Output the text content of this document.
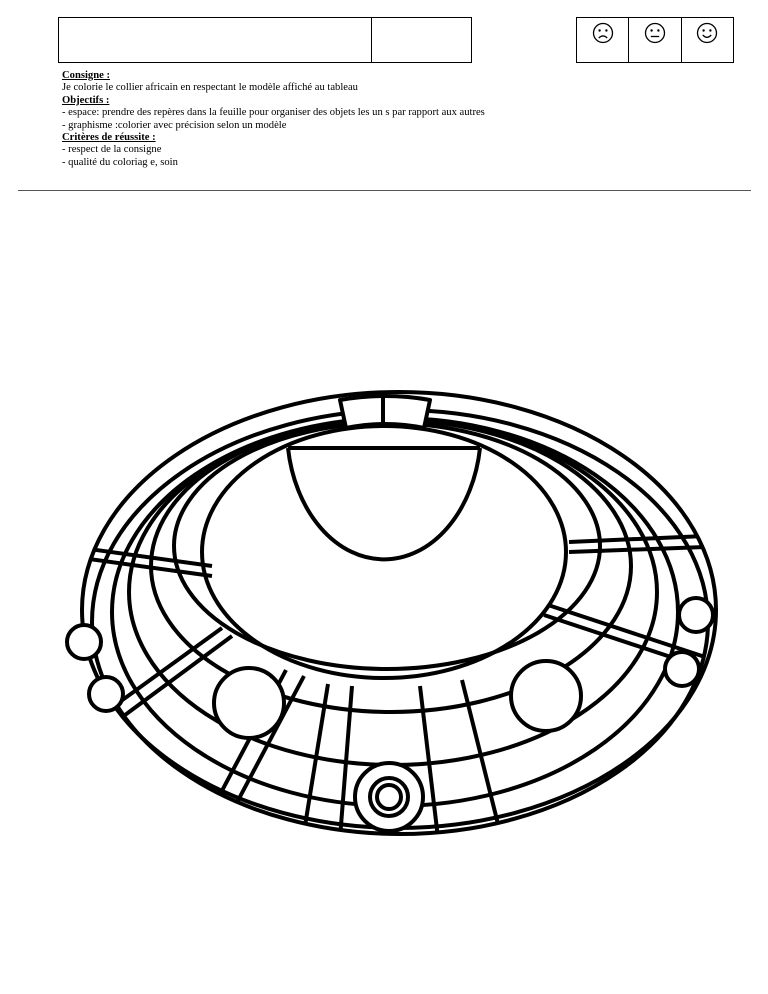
Consigne :
Je colorie le collier africain en respectant le modèle affiché au tableau
Objectifs :
- espace: prendre des repères dans la feuille pour organiser des objets les un s par rapport aux autres
- graphisme :colorier avec précision selon un modèle
Critères de réussite :
- respect de la consigne
- qualité du coloriag e, soin
